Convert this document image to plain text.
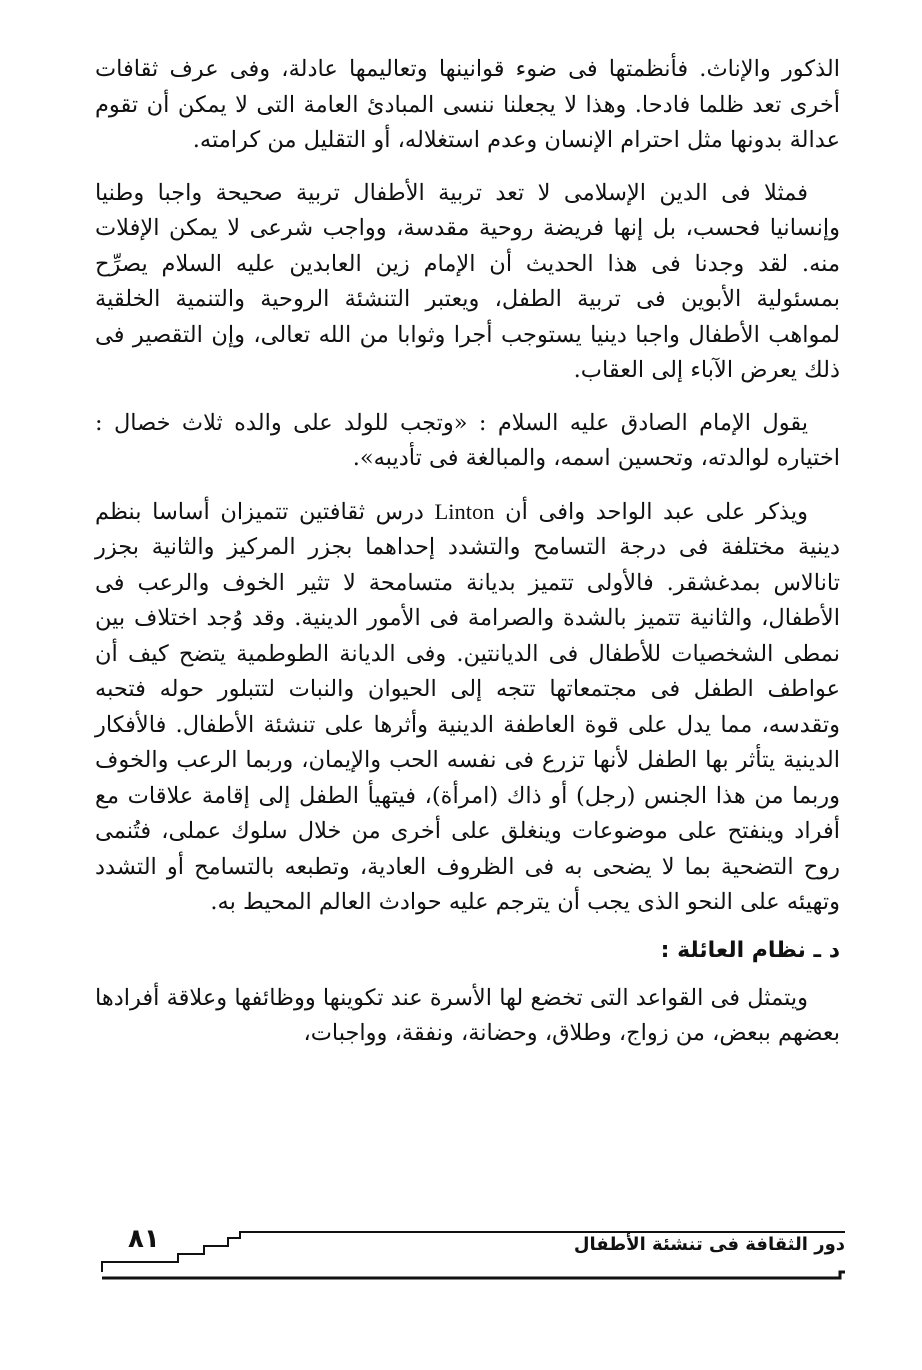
الذكور والإناث. فأنظمتها فى ضوء قوانينها وتعاليمها عادلة، وفى عرف ثقافات أخرى تعد ظلما فادحا. وهذا لا يجعلنا ننسى المبادئ العامة التى لا يمكن أن تقوم عدالة بدونها مثل احترام الإنسان وعدم استغلاله، أو التقليل من كرامته.

فمثلا فى الدين الإسلامى لا تعد تربية الأطفال تربية صحيحة واجبا وطنيا وإنسانيا فحسب، بل إنها فريضة روحية مقدسة، وواجب شرعى لا يمكن الإفلات منه. لقد وجدنا فى هذا الحديث أن الإمام زين العابدين عليه السلام يصرِّح بمسئولية الأبوين فى تربية الطفل، ويعتبر التنشئة الروحية والتنمية الخلقية لمواهب الأطفال واجبا دينيا يستوجب أجرا وثوابا من الله تعالى، وإن التقصير فى ذلك يعرض الآباء إلى العقاب.

يقول الإمام الصادق عليه السلام : «وتجب للولد على والده ثلاث خصال : اختياره لوالدته، وتحسين اسمه، والمبالغة فى تأديبه».

ويذكر على عبد الواحد وافى أن Linton درس ثقافتين تتميزان أساسا بنظم دينية مختلفة فى درجة التسامح والتشدد إحداهما بجزر المركيز والثانية بجزر تانالاس بمدغشقر. فالأولى تتميز بديانة متسامحة لا تثير الخوف والرعب فى الأطفال، والثانية تتميز بالشدة والصرامة فى الأمور الدينية. وقد وُجد اختلاف بين نمطى الشخصيات للأطفال فى الديانتين. وفى الديانة الطوطمية يتضح كيف أن عواطف الطفل فى مجتمعاتها تتجه إلى الحيوان والنبات لتتبلور حوله فتحبه وتقدسه، مما يدل على قوة العاطفة الدينية وأثرها على تنشئة الأطفال. فالأفكار الدينية يتأثر بها الطفل لأنها تزرع فى نفسه الحب والإيمان، وربما الرعب والخوف وربما من هذا الجنس (رجل) أو ذاك (امرأة)، فيتهيأ الطفل إلى إقامة علاقات مع أفراد وينفتح على موضوعات وينغلق على أخرى من خلال سلوك عملى، فتُنمى روح التضحية بما لا يضحى به فى الظروف العادية، وتطبعه بالتسامح أو التشدد وتهيئه على النحو الذى يجب أن يترجم عليه حوادث العالم المحيط به.

د ـ نظام العائلة :

ويتمثل فى القواعد التى تخضع لها الأسرة عند تكوينها ووظائفها وعلاقة أفرادها بعضهم ببعض، من زواج، وطلاق، وحضانة، ونفقة، وواجبات،

٨١	دور الثقافة فى تنشئة الأطفال
